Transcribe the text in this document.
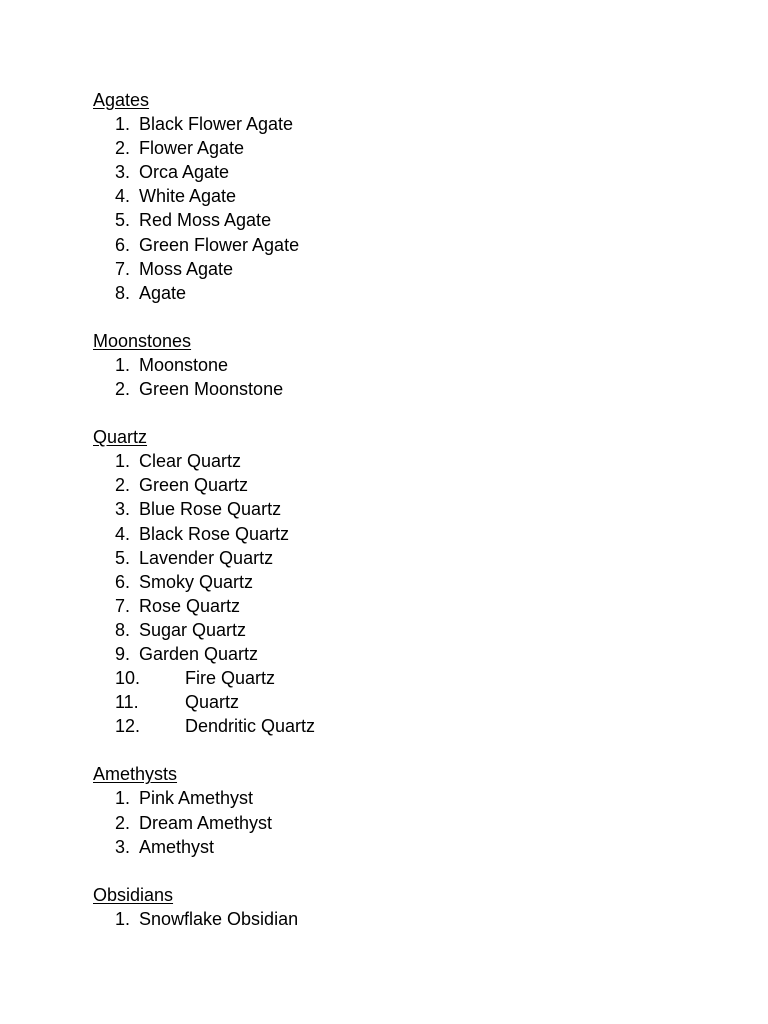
Agates
1. Black Flower Agate
2. Flower Agate
3. Orca Agate
4. White Agate
5. Red Moss Agate
6. Green Flower Agate
7. Moss Agate
8. Agate
Moonstones
1. Moonstone
2. Green Moonstone
Quartz
1. Clear Quartz
2. Green Quartz
3. Blue Rose Quartz
4. Black Rose Quartz
5. Lavender Quartz
6. Smoky Quartz
7. Rose Quartz
8. Sugar Quartz
9. Garden Quartz
10. Fire Quartz
11.	Quartz
12. Dendritic Quartz
Amethysts
1. Pink Amethyst
2. Dream Amethyst
3. Amethyst
Obsidians
1. Snowflake Obsidian
